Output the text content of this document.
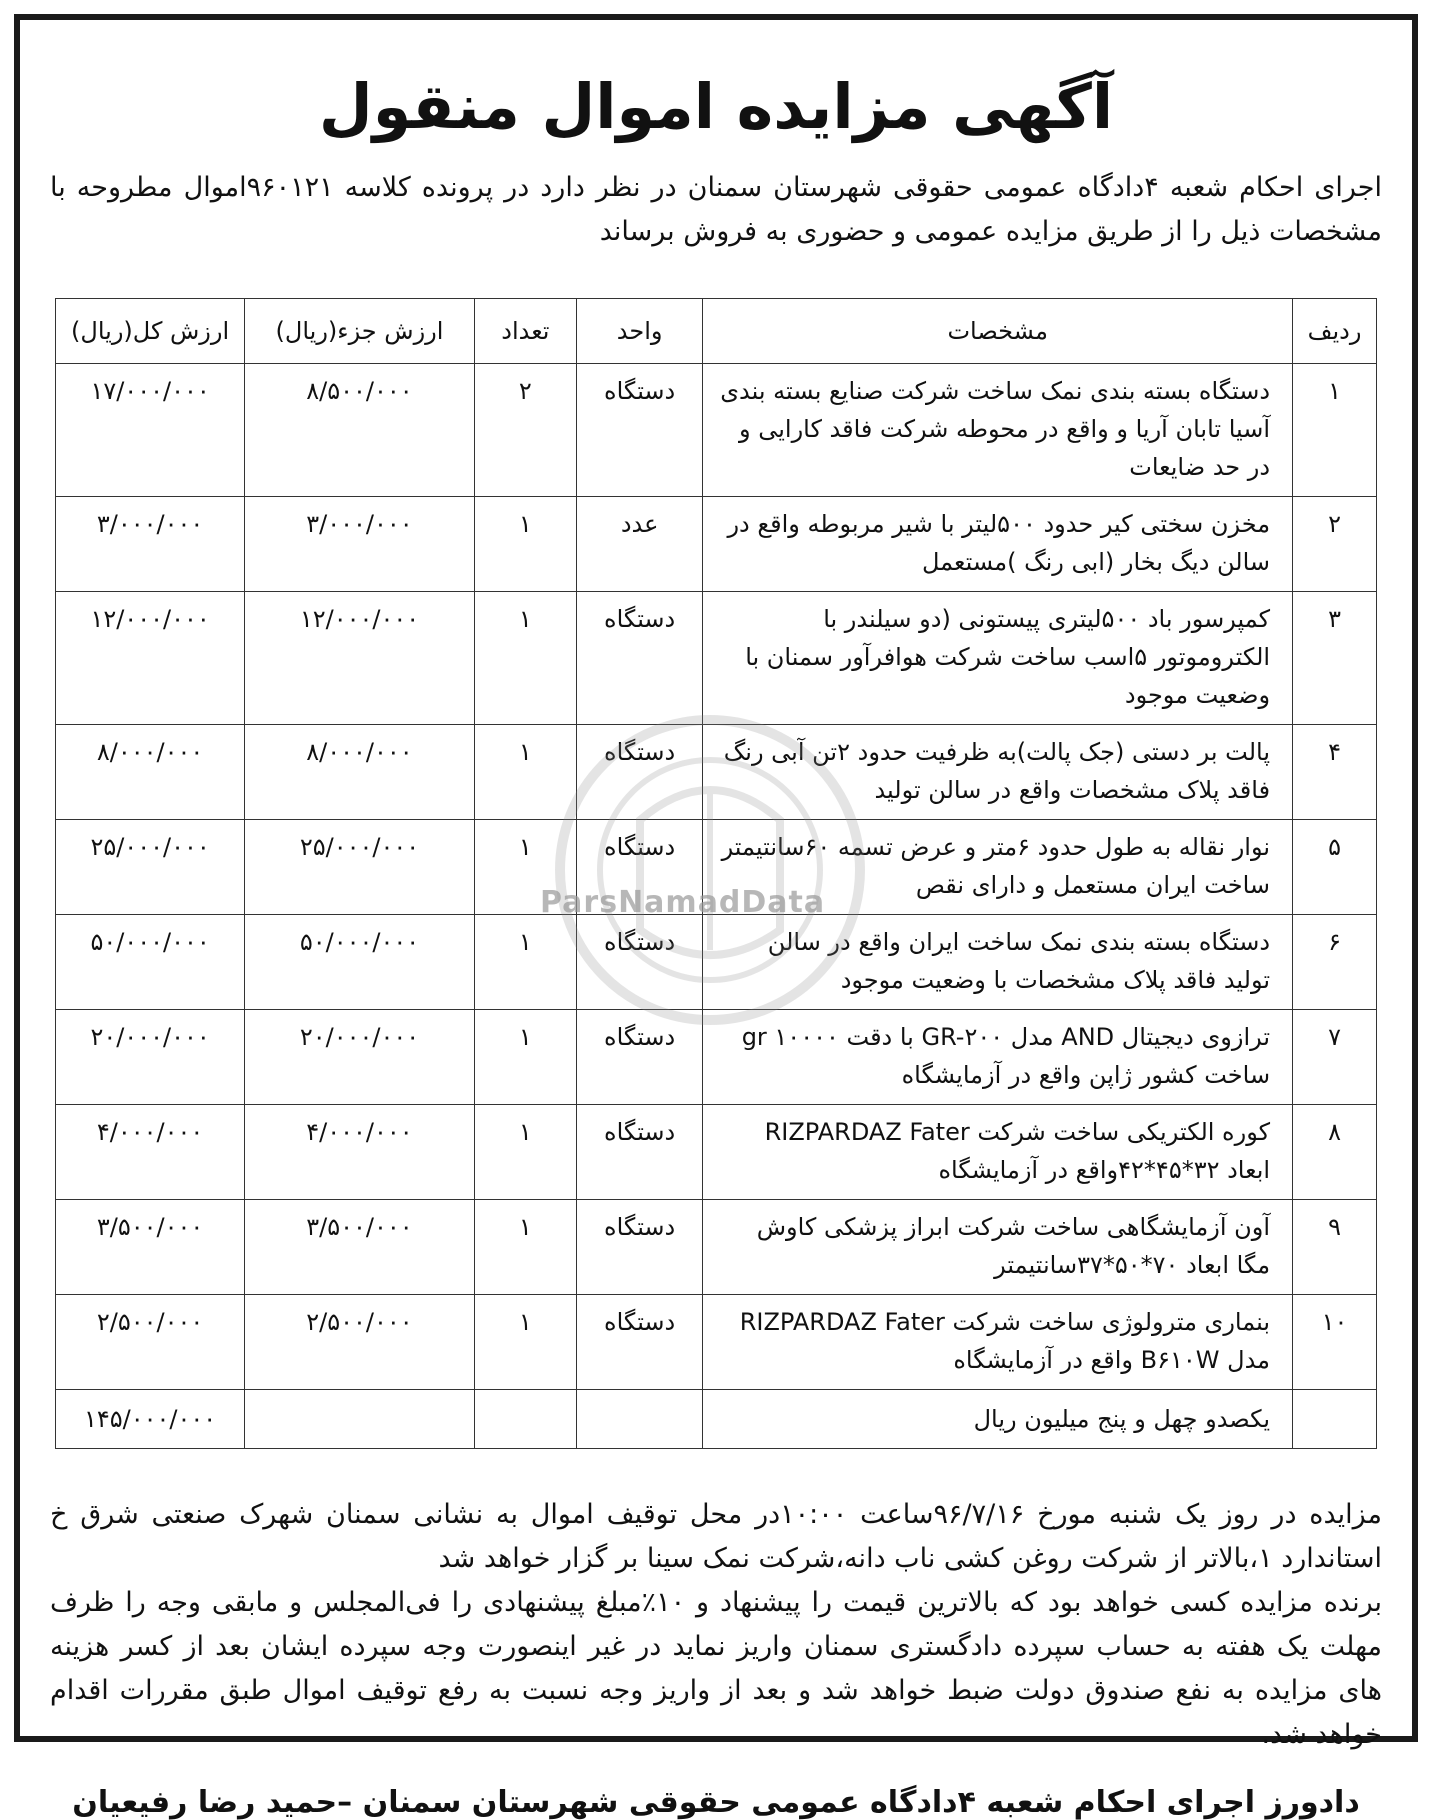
آگهی مزایده اموال منقول

اجرای احکام شعبه ۴دادگاه عمومی حقوقی شهرستان سمنان در نظر دارد در پرونده کلاسه ۹۶۰۱۲۱اموال مطروحه با مشخصات ذیل را از طریق مزایده عمومی و حضوری به فروش برساند

ردیف	مشخصات	واحد	تعداد	ارزش جزء(ریال)	ارزش کل(ریال)
۱	دستگاه بسته بندی نمک ساخت شرکت صنایع بسته بندی آسیا تابان آریا و واقع در محوطه شرکت فاقد کارایی و در حد ضایعات	دستگاه	۲	۸/۵۰۰/۰۰۰	۱۷/۰۰۰/۰۰۰
۲	مخزن سختی کیر حدود ۵۰۰لیتر با شیر مربوطه واقع در سالن دیگ بخار (ابی رنگ )مستعمل	عدد	۱	۳/۰۰۰/۰۰۰	۳/۰۰۰/۰۰۰
۳	کمپرسور باد ۵۰۰لیتری پیستونی (دو سیلندر با الکتروموتور ۵اسب ساخت شرکت هوافرآور سمنان با وضعیت موجود	دستگاه	۱	۱۲/۰۰۰/۰۰۰	۱۲/۰۰۰/۰۰۰
۴	پالت بر دستی (جک پالت)به ظرفیت حدود ۲تن آبی رنگ فاقد پلاک مشخصات واقع در سالن تولید	دستگاه	۱	۸/۰۰۰/۰۰۰	۸/۰۰۰/۰۰۰
۵	نوار نقاله به طول حدود ۶متر و عرض تسمه ۶۰سانتیمتر ساخت ایران مستعمل و دارای نقص	دستگاه	۱	۲۵/۰۰۰/۰۰۰	۲۵/۰۰۰/۰۰۰
۶	دستگاه بسته بندی نمک ساخت ایران واقع در سالن تولید فاقد پلاک مشخصات با وضعیت موجود	دستگاه	۱	۵۰/۰۰۰/۰۰۰	۵۰/۰۰۰/۰۰۰
۷	ترازوی دیجیتال AND مدل GR-۲۰۰ با دقت gr ۱۰۰۰۰ ساخت کشور ژاپن واقع در آزمایشگاه	دستگاه	۱	۲۰/۰۰۰/۰۰۰	۲۰/۰۰۰/۰۰۰
۸	کوره الکتریکی ساخت شرکت RIZPARDAZ Fater ابعاد ۳۲*۴۵*۴۲واقع در آزمایشگاه	دستگاه	۱	۴/۰۰۰/۰۰۰	۴/۰۰۰/۰۰۰
۹	آون آزمایشگاهی ساخت شرکت ابراز پزشکی کاوش مگا ابعاد ۷۰*۵۰*۳۷سانتیمتر	دستگاه	۱	۳/۵۰۰/۰۰۰	۳/۵۰۰/۰۰۰
۱۰	بنماری مترولوژی ساخت شرکت RIZPARDAZ Fater مدل B۶۱۰W واقع در آزمایشگاه	دستگاه	۱	۲/۵۰۰/۰۰۰	۲/۵۰۰/۰۰۰
	یکصدو چهل و پنج میلیون ریال				۱۴۵/۰۰۰/۰۰۰

مزایده در روز یک شنبه مورخ ۹۶/۷/۱۶ساعت ۱۰:۰۰در محل توقیف اموال به نشانی سمنان شهرک صنعتی شرق خ استاندارد ۱،بالاتر از شرکت روغن کشی ناب دانه،شرکت نمک سینا بر گزار خواهد شد

برنده مزایده کسی خواهد بود که بالاترین قیمت را پیشنهاد و ۱۰٪مبلغ پیشنهادی را فی‌المجلس و مابقی وجه را ظرف مهلت یک هفته به حساب سپرده دادگستری سمنان واریز نماید در غیر اینصورت وجه سپرده ایشان بعد از کسر هزینه های مزایده به نفع صندوق دولت ضبط خواهد شد و بعد از واریز وجه نسبت به رفع توقیف اموال طبق مقررات اقدام خواهد شد.

دادورز اجرای احکام شعبه ۴دادگاه عمومی حقوقی شهرستان سمنان –حمید رضا رفیعیان
ParsNamadData
